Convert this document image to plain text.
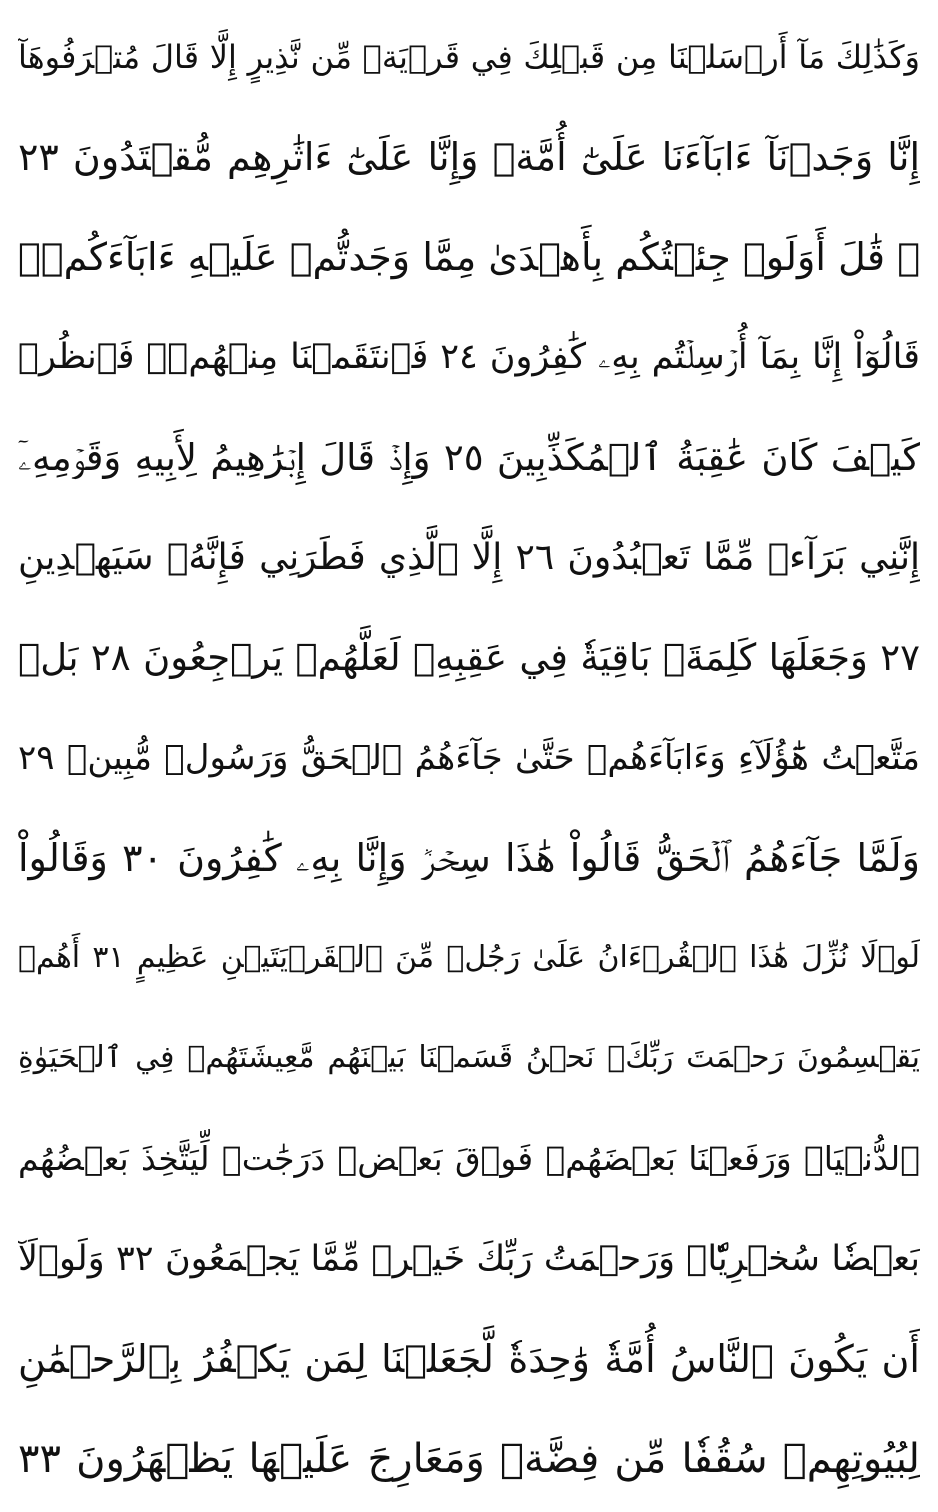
وَكَذَٰلِكَ مَآ أَرۡسَلۡنَا مِن قَبۡلِكَ فِي قَرۡيَةٖ مِّن نَّذِيرٍ إِلَّا قَالَ مُتۡرَفُوهَآ
إِنَّا وَجَدۡنَآ ءَابَآءَنَا عَلَىٰٓ أُمَّةٖ وَإِنَّا عَلَىٰٓ ءَاثَٰرِهِم مُّقۡتَدُونَ ٢٣
۞ قَٰلَ أَوَلَوۡ جِئۡتُكُم بِأَهۡدَىٰ مِمَّا وَجَدتُّمۡ عَلَيۡهِ ءَابَآءَكُمۡۖ
قَالُوٓاْ إِنَّا بِمَآ أُرۡسِلۡتُم بِهِۦ كَٰفِرُونَ ٢٤ فَٱنتَقَمۡنَا مِنۡهُمۡۖ فَٱنظُرۡ
كَيۡفَ كَانَ عَٰقِبَةُ ٱلۡمُكَذِّبِينَ ٢٥ وَإِذۡ قَالَ إِبۡرَٰهِيمُ لِأَبِيهِ وَقَوۡمِهِۦٓ
إِنَّنِي بَرَآءٞ مِّمَّا تَعۡبُدُونَ ٢٦ إِلَّا ٱلَّذِي فَطَرَنِي فَإِنَّهُۥ سَيَهۡدِينِ
٢٧ وَجَعَلَهَا كَلِمَةَۢ بَاقِيَةٗ فِي عَقِبِهِۦ لَعَلَّهُمۡ يَرۡجِعُونَ ٢٨ بَلۡ
مَتَّعۡتُ هَٰٓؤُلَآءِ وَءَابَآءَهُمۡ حَتَّىٰ جَآءَهُمُ ٱلۡحَقُّ وَرَسُولٞ مُّبِينٞ ٢٩
وَلَمَّا جَآءَهُمُ ٱلۡحَقُّ قَالُواْ هَٰذَا سِحۡرٞ وَإِنَّا بِهِۦ كَٰفِرُونَ ٣٠ وَقَالُواْ
لَوۡلَا نُزِّلَ هَٰذَا ٱلۡقُرۡءَانُ عَلَىٰ رَجُلٖ مِّنَ ٱلۡقَرۡيَتَيۡنِ عَظِيمٍ ٣١ أَهُمۡ
يَقۡسِمُونَ رَحۡمَتَ رَبِّكَۚ نَحۡنُ قَسَمۡنَا بَيۡنَهُم مَّعِيشَتَهُمۡ فِي ٱلۡحَيَوٰةِ
ٱلدُّنۡيَاۚ وَرَفَعۡنَا بَعۡضَهُمۡ فَوۡقَ بَعۡضٖ دَرَجَٰتٖ لِّيَتَّخِذَ بَعۡضُهُم
بَعۡضٗا سُخۡرِيّٗاۗ وَرَحۡمَتُ رَبِّكَ خَيۡرٞ مِّمَّا يَجۡمَعُونَ ٣٢ وَلَوۡلَآ
أَن يَكُونَ ٱلنَّاسُ أُمَّةٗ وَٰحِدَةٗ لَّجَعَلۡنَا لِمَن يَكۡفُرُ بِٱلرَّحۡمَٰنِ
لِبُيُوتِهِمۡ سُقُفٗا مِّن فِضَّةٖ وَمَعَارِجَ عَلَيۡهَا يَظۡهَرُونَ ٣٣
